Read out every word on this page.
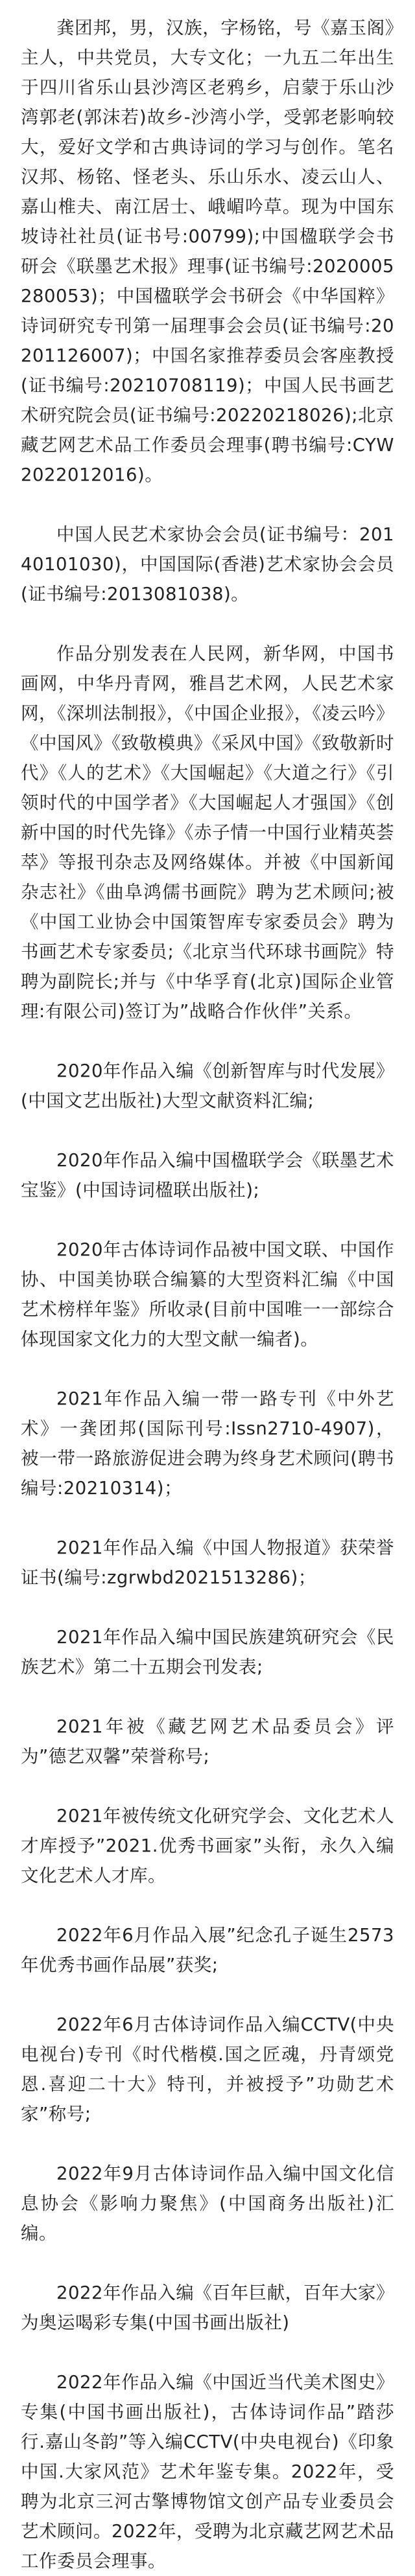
龚团邦，男，汉族，字杨铭，号《嘉玉阁》主人，中共党员，大专文化；一九五二年出生于四川省乐山县沙湾区老鸦乡，启蒙于乐山沙湾郭老(郭沫若)故乡-沙湾小学，受郭老影响较大，爱好文学和古典诗词的学习与创作。笔名汉邦、杨铭、怪老头、乐山乐水、凌云山人、嘉山椎夫、南江居士、峨嵋吟草。现为中国东坡诗社社员(证书号:00799);中国楹联学会书研会《联墨艺术报》理事(证书编号:2020005280053)；中国楹联学会书研会《中华国粹》诗词研究专刊第一届理事会会员(证书编号:20201126007)；中国名家推荐委员会客座教授(证书编号:20210708119)；中国人民书画艺术研究院会员(证书编号:20220218026);北京藏艺网艺术品工作委员会理事(聘书编号:CYW2022012016)。

中国人民艺术家协会会员(证书编号：20140101030)，中国国际(香港)艺术家协会会员(证书编号:2013081038)。

作品分别发表在人民网，新华网，中国书画网，中华丹青网，雅昌艺术网，人民艺术家网，《深圳法制报》，《中国企业报》，《凌云吟》《中国风》《致敬模典》《采风中国》《致敬新时代》《人的艺术》《大国崛起》《大道之行》《引领时代的中国学者》《大国崛起人才强国》《创新中国的时代先锋》《赤子情一中国行业精英荟萃》等报刊杂志及网络媒体。并被《中国新闻杂志社》《曲阜鸿儒书画院》聘为艺术顾问;被《中国工业协会中国策智库专家委员会》聘为书画艺术专家委员;《北京当代环球书画院》特聘为副院长;并与《中华孚育(北京)国际企业管理:有限公司)签订为”战略合作伙伴”关系。

2020年作品入编《创新智库与时代发展》(中国文艺出版社)大型文献资料汇编;

2020年作品入编中国楹联学会《联墨艺术宝鉴》(中国诗词楹联出版社);

2020年古体诗词作品被中国文联、中国作协、中国美协联合编纂的大型资料汇编《中国艺术榜样年鉴》所收录(目前中国唯一一部综合体现国家文化力的大型文献一编者)。

2021年作品入编一带一路专刊《中外艺术》一龚团邦(国际刊号:Issn2710-4907)，被一带一路旅游促进会聘为终身艺术顾问(聘书编号:20210314)；

2021年作品入编《中国人物报道》获荣誉证书(编号:zgrwbd2021513286)；

2021年作品入编中国民族建筑研究会《民族艺术》第二十五期会刊发表;

2021年被《藏艺网艺术品委员会》评为”德艺双馨”荣誉称号;

2021年被传统文化研究学会、文化艺术人才库授予”2021.优秀书画家”头衔，永久入编文化艺术人才库。

2022年6月作品入展”纪念孔子诞生2573年优秀书画作品展”获奖;

2022年6月古体诗词作品入编CCTV(中央电视台)专刊《时代楷模.国之匠魂，丹青颂党恩.喜迎二十大》特刊，并被授予”功勋艺术家”称号;

2022年9月古体诗词作品入编中国文化信息协会《影响力聚焦》(中国商务出版社)汇编。

2022年作品入编《百年巨献，百年大家》为奥运喝彩专集(中国书画出版社)

2022年作品入编《中国近当代美术图史》专集(中国书画出版社)，古体诗词作品”踏莎行.嘉山冬韵”等入编CCTV(中央电视台)《印象中国.大家风范》艺术年鉴专集。2022年，受聘为北京三河古擎博物馆文创产品专业委员会艺术顾问。2022年，受聘为北京藏艺网艺术品工作委员会理事。
